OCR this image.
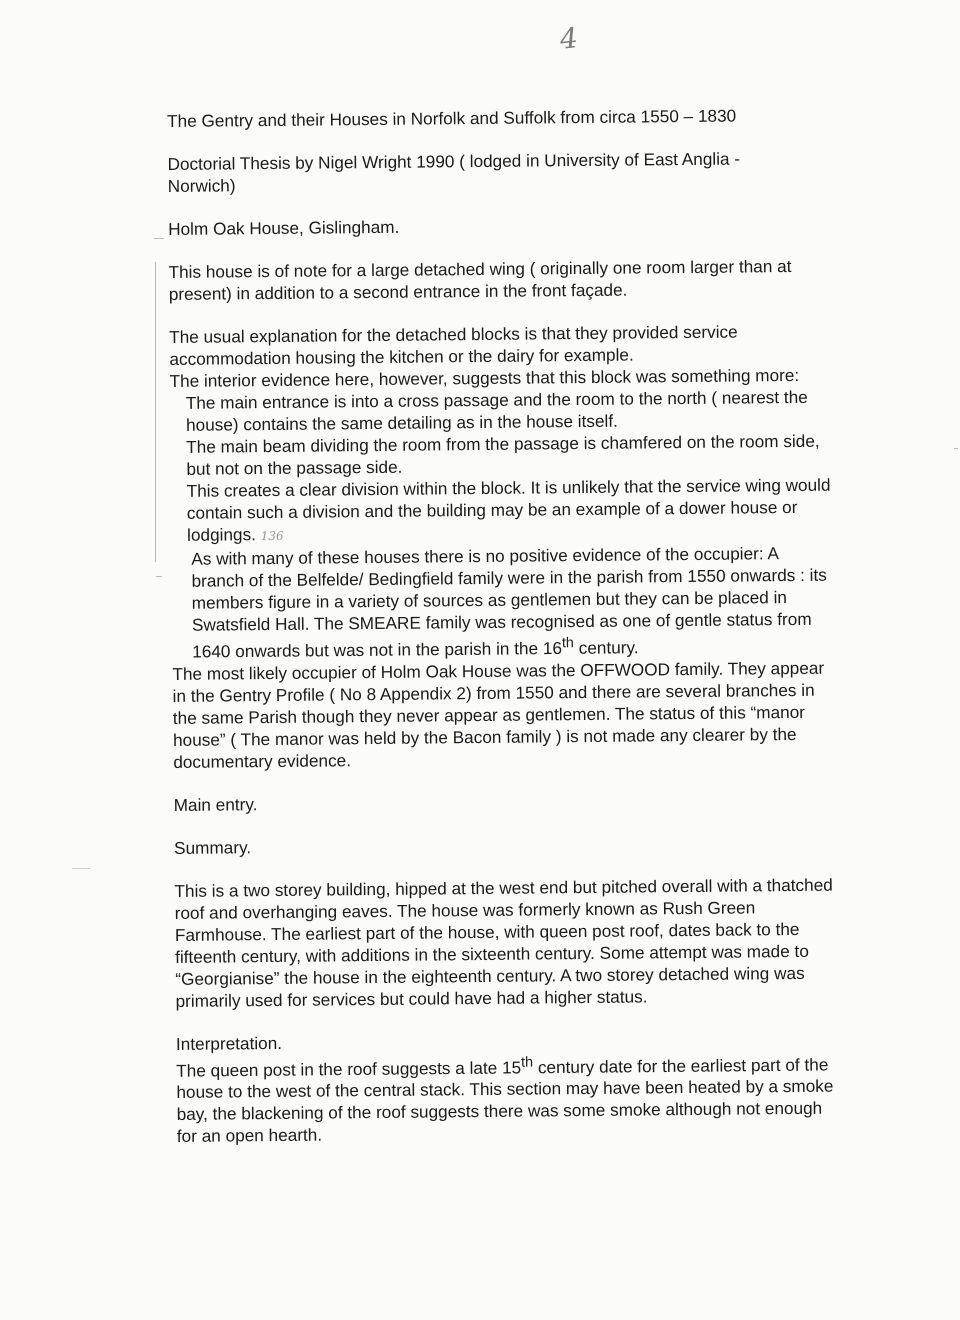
4

The Gentry and their Houses in Norfolk and Suffolk from circa 1550 – 1830

Doctorial Thesis by Nigel Wright 1990 ( lodged in University of East Anglia -
Norwich)

Holm Oak House, Gislingham.

This house is of note for a large detached wing ( originally one room larger than at present) in addition to a second entrance in the front façade.

The usual explanation for the detached blocks is that they provided service accommodation housing the kitchen or the dairy for example.

The interior evidence here, however, suggests that this block was something more:

The main entrance is into a cross passage and the room to the north ( nearest the house) contains the same detailing as in the house itself.

The main beam dividing the room from the passage is chamfered on the room side, but not on the passage side.

This creates a clear division within the block. It is unlikely that the service wing would contain such a division and the building may be an example of a dower house or lodgings. 136

As with many of these houses there is no positive evidence of the occupier: A branch of the Belfelde/ Bedingfield family were in the parish from 1550 onwards : its members figure in a variety of sources as gentlemen but they can be placed in Swatsfield Hall. The SMEARE family was recognised as one of gentle status from 1640 onwards but was not in the parish in the 16th century.

The most likely occupier of Holm Oak House was the OFFWOOD family. They appear in the Gentry Profile ( No 8 Appendix 2) from 1550 and there are several branches in the same Parish though they never appear as gentlemen. The status of this “manor house” ( The manor was held by the Bacon family ) is not made any clearer by the documentary evidence.

Main entry.

Summary.

This is a two storey building, hipped at the west end but pitched overall with a thatched roof and overhanging eaves. The house was formerly known as Rush Green Farmhouse. The earliest part of the house, with queen post roof, dates back to the fifteenth century, with additions in the sixteenth century. Some attempt was made to “Georgianise” the house in the eighteenth century. A two storey detached wing was primarily used for services but could have had a higher status.

Interpretation.

The queen post in the roof suggests a late 15th century date for the earliest part of the house to the west of the central stack. This section may have been heated by a smoke bay, the blackening of the roof suggests there was some smoke although not enough for an open hearth.
